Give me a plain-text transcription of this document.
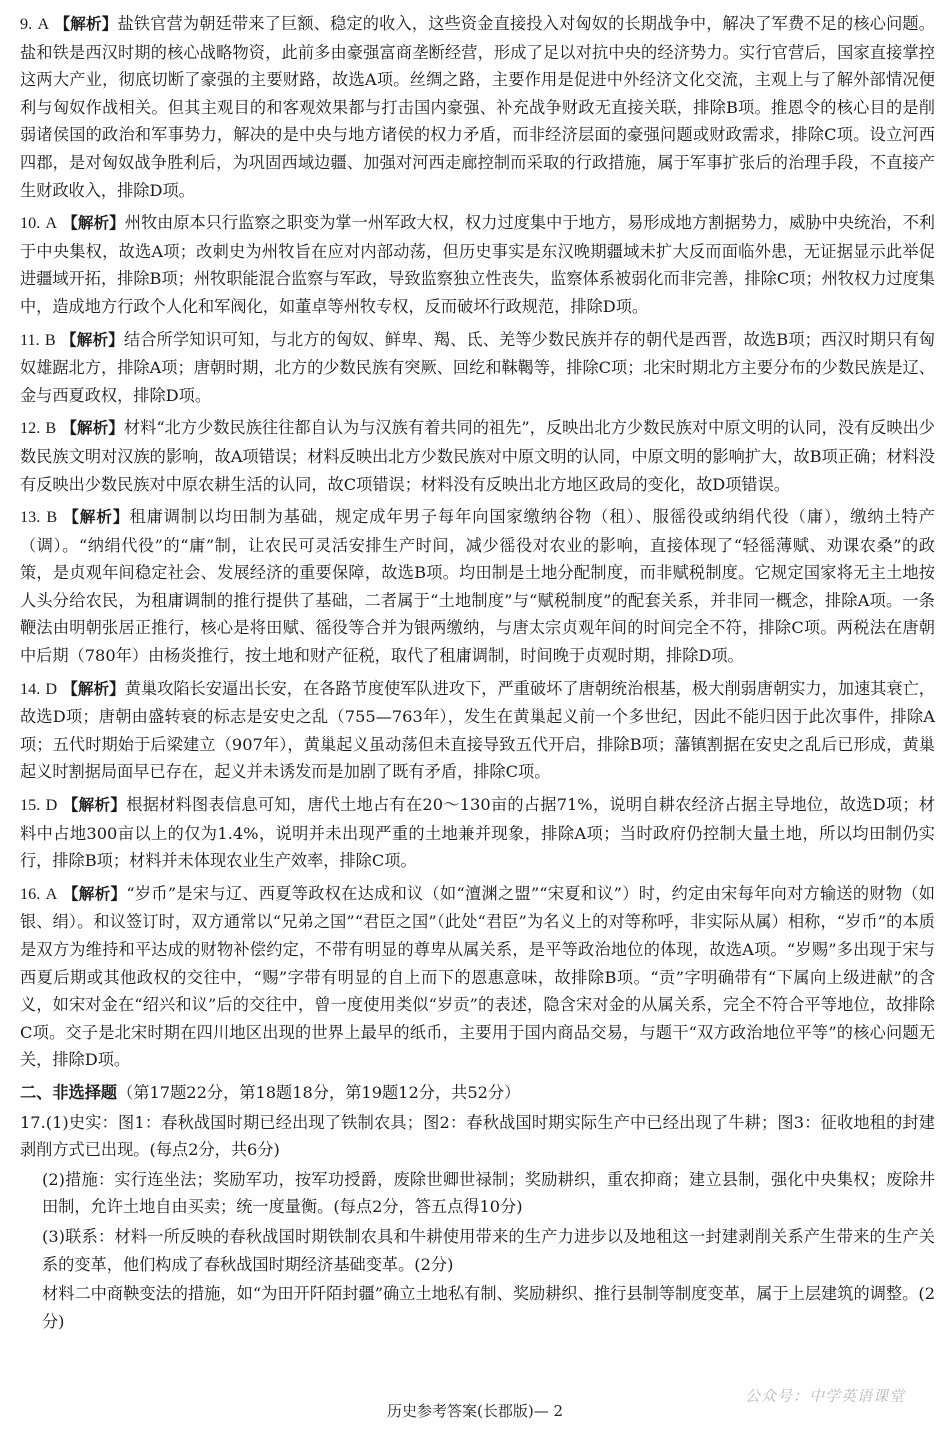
9. A 【解析】盐铁官营为朝廷带来了巨额、稳定的收入，这些资金直接投入对匈奴的长期战争中，解决了军费不足的核心问题。盐和铁是西汉时期的核心战略物资，此前多由豪强富商垄断经营，形成了足以对抗中央的经济势力。实行官营后，国家直接掌控这两大产业，彻底切断了豪强的主要财路，故选A项。丝绸之路，主要作用是促进中外经济文化交流，主观上与了解外部情况便利与匈奴作战相关。但其主观目的和客观效果都与打击国内豪强、补充战争财政无直接关联，排除B项。推恩令的核心目的是削弱诸侯国的政治和军事势力，解决的是中央与地方诸侯的权力矛盾，而非经济层面的豪强问题或财政需求，排除C项。设立河西四郡，是对匈奴战争胜利后，为巩固西域边疆、加强对河西走廊控制而采取的行政措施，属于军事扩张后的治理手段，不直接产生财政收入，排除D项。
10. A 【解析】州牧由原本只行监察之职变为掌一州军政大权，权力过度集中于地方，易形成地方割据势力，威胁中央统治，不利于中央集权，故选A项；改刺史为州牧旨在应对内部动荡，但历史事实是东汉晚期疆域未扩大反而面临外患，无证据显示此举促进疆域开拓，排除B项；州牧职能混合监察与军政，导致监察独立性丧失，监察体系被弱化而非完善，排除C项；州牧权力过度集中，造成地方行政个人化和军阀化，如董卓等州牧专权，反而破坏行政规范，排除D项。
11. B 【解析】结合所学知识可知，与北方的匈奴、鲜卑、羯、氐、羌等少数民族并存的朝代是西晋，故选B项；西汉时期只有匈奴雄踞北方，排除A项；唐朝时期，北方的少数民族有突厥、回纥和靺鞨等，排除C项；北宋时期北方主要分布的少数民族是辽、金与西夏政权，排除D项。
12. B 【解析】材料“北方少数民族往往都自认为与汉族有着共同的祖先”，反映出北方少数民族对中原文明的认同，没有反映出少数民族文明对汉族的影响，故A项错误；材料反映出北方少数民族对中原文明的认同，中原文明的影响扩大，故B项正确；材料没有反映出少数民族对中原农耕生活的认同，故C项错误；材料没有反映出北方地区政局的变化，故D项错误。
13. B 【解析】租庸调制以均田制为基础，规定成年男子每年向国家缴纳谷物（租）、服徭役或纳绢代役（庸），缴纳土特产（调）。“纳绢代役”的“庸”制，让农民可灵活安排生产时间，减少徭役对农业的影响，直接体现了“轻徭薄赋、劝课农桑”的政策，是贞观年间稳定社会、发展经济的重要保障，故选B项。均田制是土地分配制度，而非赋税制度。它规定国家将无主土地按人头分给农民，为租庸调制的推行提供了基础，二者属于“土地制度”与“赋税制度”的配套关系，并非同一概念，排除A项。一条鞭法由明朝张居正推行，核心是将田赋、徭役等合并为银两缴纳，与唐太宗贞观年间的时间完全不符，排除C项。两税法在唐朝中后期（780年）由杨炎推行，按土地和财产征税，取代了租庸调制，时间晚于贞观时期，排除D项。
14. D 【解析】黄巢攻陷长安逼出长安，在各路节度使军队进攻下，严重破坏了唐朝统治根基，极大削弱唐朝实力，加速其衰亡，故选D项；唐朝由盛转衰的标志是安史之乱（755—763年），发生在黄巢起义前一个多世纪，因此不能归因于此次事件，排除A项；五代时期始于后梁建立（907年），黄巢起义虽动荡但未直接导致五代开启，排除B项；藩镇割据在安史之乱后已形成，黄巢起义时割据局面早已存在，起义并未诱发而是加剧了既有矛盾，排除C项。
15. D 【解析】根据材料图表信息可知，唐代土地占有在20～130亩的占据71%，说明自耕农经济占据主导地位，故选D项；材料中占地300亩以上的仅为1.4%，说明并未出现严重的土地兼并现象，排除A项；当时政府仍控制大量土地，所以均田制仍实行，排除B项；材料并未体现农业生产效率，排除C项。
16. A 【解析】“岁币”是宋与辽、西夏等政权在达成和议（如“澶渊之盟”“宋夏和议”）时，约定由宋每年向对方输送的财物（如银、绢）。和议签订时，双方通常以“兄弟之国”“君臣之国”（此处“君臣”为名义上的对等称呼，非实际从属）相称，“岁币”的本质是双方为维持和平达成的财物补偿约定，不带有明显的尊卑从属关系，是平等政治地位的体现，故选A项。“岁赐”多出现于宋与西夏后期或其他政权的交往中，“赐”字带有明显的自上而下的恩惠意味，故排除B项。“贡”字明确带有“下属向上级进献”的含义，如宋对金在“绍兴和议”后的交往中，曾一度使用类似“岁贡”的表述，隐含宋对金的从属关系，完全不符合平等地位，故排除C项。交子是北宋时期在四川地区出现的世界上最早的纸币，主要用于国内商品交易，与题干“双方政治地位平等”的核心问题无关，排除D项。
二、非选择题（第17题22分，第18题18分，第19题12分，共52分）

17.(1)史实：图1：春秋战国时期已经出现了铁制农具；图2：春秋战国时期实际生产中已经出现了牛耕；图3：征收地租的封建剥削方式已出现。(每点2分，共6分)

(2)措施：实行连坐法；奖励军功，按军功授爵，废除世卿世禄制；奖励耕织，重农抑商；建立县制，强化中央集权；废除井田制，允许土地自由买卖；统一度量衡。(每点2分，答五点得10分)

(3)联系：材料一所反映的春秋战国时期铁制农具和牛耕使用带来的生产力进步以及地租这一封建剥削关系产生带来的生产关系的变革，他们构成了春秋战国时期经济基础变革。(2分)

材料二中商鞅变法的措施，如“为田开阡陌封疆”确立土地私有制、奖励耕织、推行县制等制度变革，属于上层建筑的调整。(2分)

公众号：中学英语课堂
历史参考答案(长郡版)— 2
